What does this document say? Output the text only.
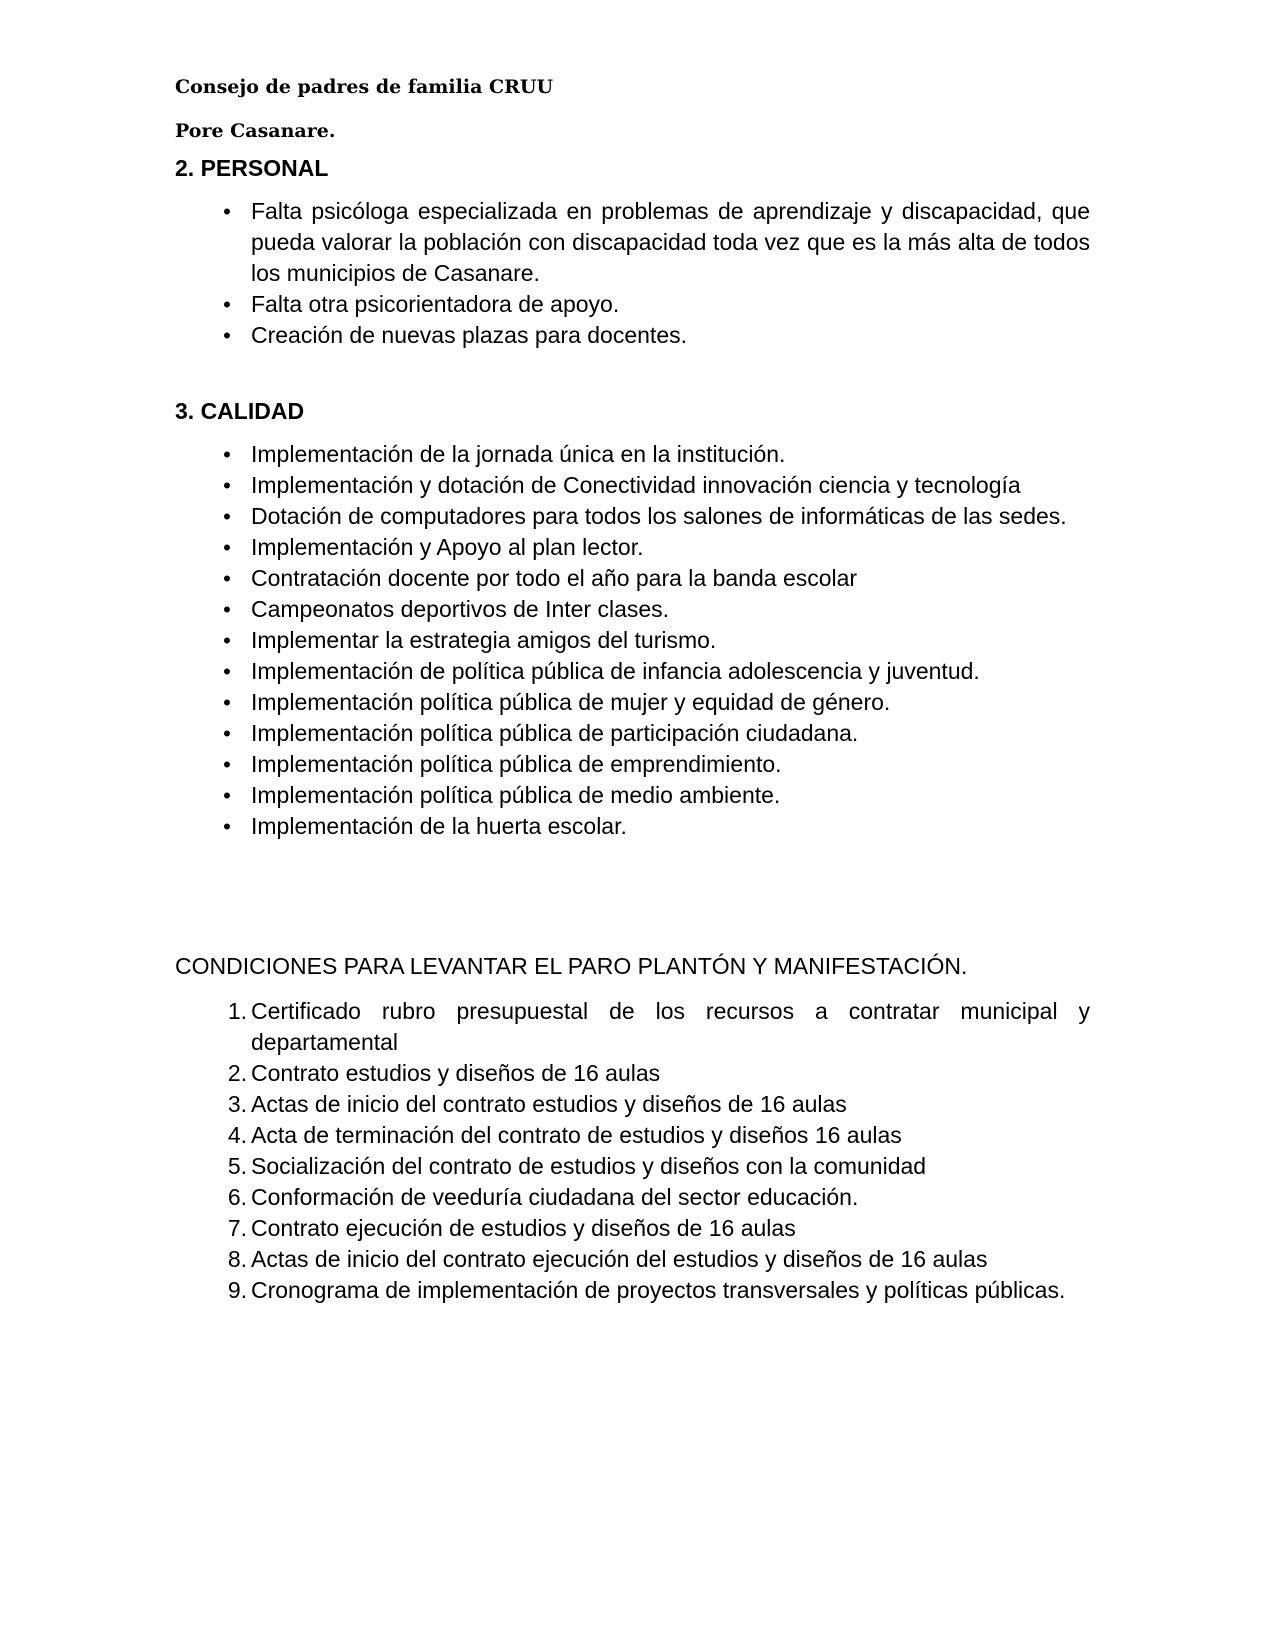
Consejo de padres de familia CRUU

Pore Casanare.

2. PERSONAL
• Falta psicóloga especializada en problemas de aprendizaje y discapacidad, que pueda valorar la población con discapacidad toda vez que es la más alta de todos los municipios de Casanare.
• Falta otra psicorientadora de apoyo.
• Creación de nuevas plazas para docentes.
3. CALIDAD
• Implementación de la jornada única en la institución.
• Implementación y dotación de Conectividad innovación ciencia y tecnología
• Dotación de computadores para todos los salones de informáticas de las sedes.
• Implementación y Apoyo al plan lector.
• Contratación docente por todo el año para la banda escolar
• Campeonatos deportivos de Inter clases.
• Implementar la estrategia amigos del turismo.
• Implementación de política pública de infancia adolescencia y juventud.
• Implementación política pública de mujer y equidad de género.
• Implementación política pública de participación ciudadana.
• Implementación política pública de emprendimiento.
• Implementación política pública de medio ambiente.
• Implementación de la huerta escolar.

CONDICIONES PARA LEVANTAR EL PARO PLANTÓN Y MANIFESTACIÓN.

1. Certificado rubro presupuestal de los recursos a contratar municipal y departamental
2. Contrato estudios y diseños de 16 aulas
3. Actas de inicio del contrato estudios y diseños de 16 aulas
4. Acta de terminación del contrato de estudios y diseños 16 aulas
5. Socialización del contrato de estudios y diseños con la comunidad
6. Conformación de veeduría ciudadana del sector educación.
7. Contrato ejecución de estudios y diseños de 16 aulas
8. Actas de inicio del contrato ejecución del estudios y diseños de 16 aulas
9. Cronograma de implementación de proyectos transversales y políticas públicas.
